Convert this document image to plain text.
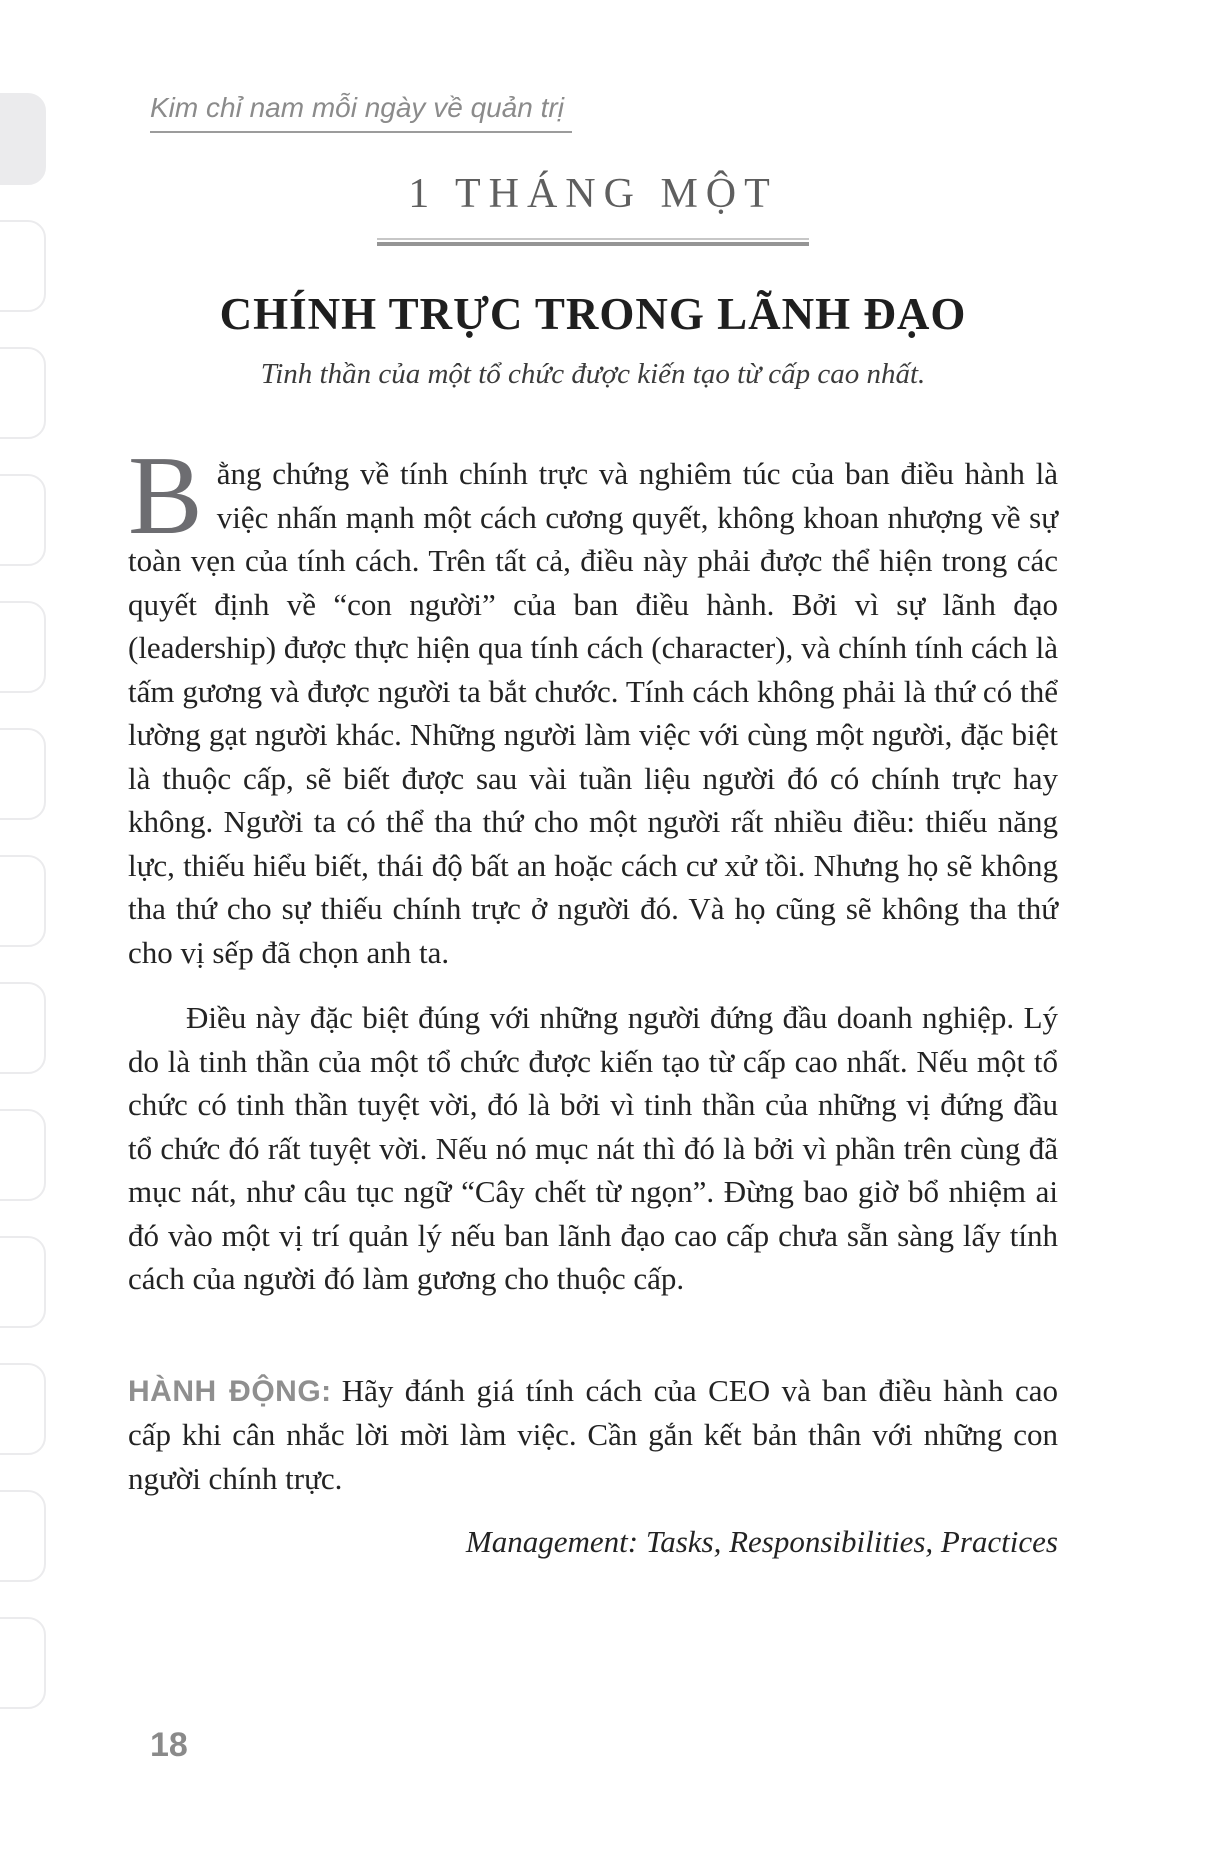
Kim chỉ nam mỗi ngày về quản trị
1 THÁNG MỘT
CHÍNH TRỰC TRONG LÃNH ĐẠO
Tinh thần của một tổ chức được kiến tạo từ cấp cao nhất.

Bằng chứng về tính chính trực và nghiêm túc của ban điều hành là việc nhấn mạnh một cách cương quyết, không khoan nhượng về sự toàn vẹn của tính cách. Trên tất cả, điều này phải được thể hiện trong các quyết định về “con người” của ban điều hành. Bởi vì sự lãnh đạo (leadership) được thực hiện qua tính cách (character), và chính tính cách là tấm gương và được người ta bắt chước. Tính cách không phải là thứ có thể lường gạt người khác. Những người làm việc với cùng một người, đặc biệt là thuộc cấp, sẽ biết được sau vài tuần liệu người đó có chính trực hay không. Người ta có thể tha thứ cho một người rất nhiều điều: thiếu năng lực, thiếu hiểu biết, thái độ bất an hoặc cách cư xử tồi. Nhưng họ sẽ không tha thứ cho sự thiếu chính trực ở người đó. Và họ cũng sẽ không tha thứ cho vị sếp đã chọn anh ta.

Điều này đặc biệt đúng với những người đứng đầu doanh nghiệp. Lý do là tinh thần của một tổ chức được kiến tạo từ cấp cao nhất. Nếu một tổ chức có tinh thần tuyệt vời, đó là bởi vì tinh thần của những vị đứng đầu tổ chức đó rất tuyệt vời. Nếu nó mục nát thì đó là bởi vì phần trên cùng đã mục nát, như câu tục ngữ “Cây chết từ ngọn”. Đừng bao giờ bổ nhiệm ai đó vào một vị trí quản lý nếu ban lãnh đạo cao cấp chưa sẵn sàng lấy tính cách của người đó làm gương cho thuộc cấp.

HÀNH ĐỘNG: Hãy đánh giá tính cách của CEO và ban điều hành cao cấp khi cân nhắc lời mời làm việc. Cần gắn kết bản thân với những con người chính trực.

Management: Tasks, Responsibilities, Practices

18
